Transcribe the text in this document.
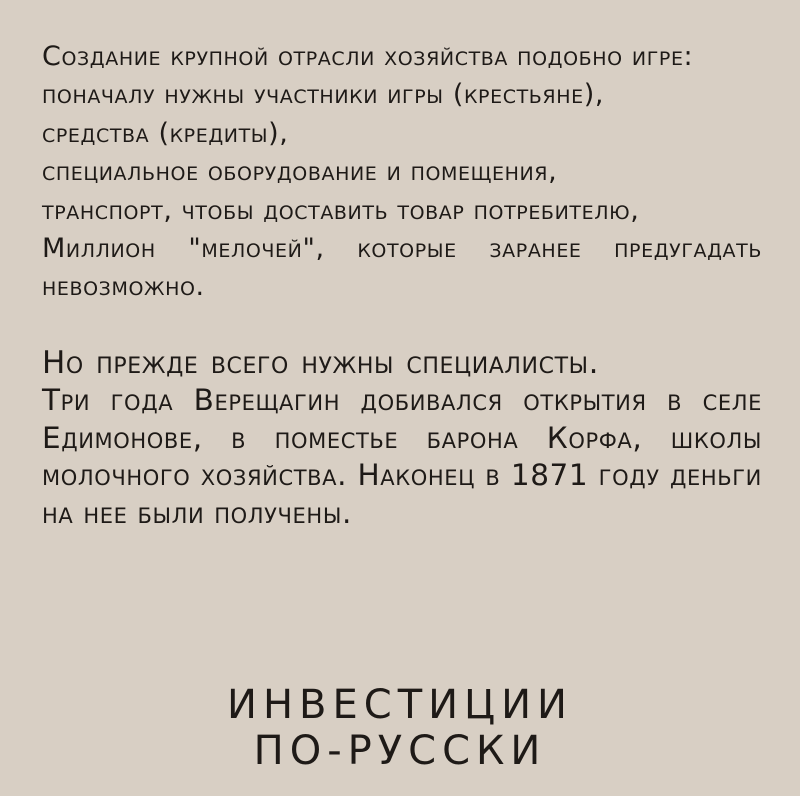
Создание крупной отрасли хозяйства подобно игре:
поначалу нужны участники игры (крестьяне),
средства (кредиты),
специальное оборудование и помещения,
транспорт, чтобы доставить товар потребителю,
Миллион "мелочей", которые заранее предугадать невозможно.
Но прежде всего нужны специалисты.
Три года Верещагин добивался открытия в селе Едимонове, в поместье барона Корфа, школы молочного хозяйства. Наконец в 1871 году деньги на нее были получены.
ИНВЕСТИЦИИ
ПО-РУССКИ
